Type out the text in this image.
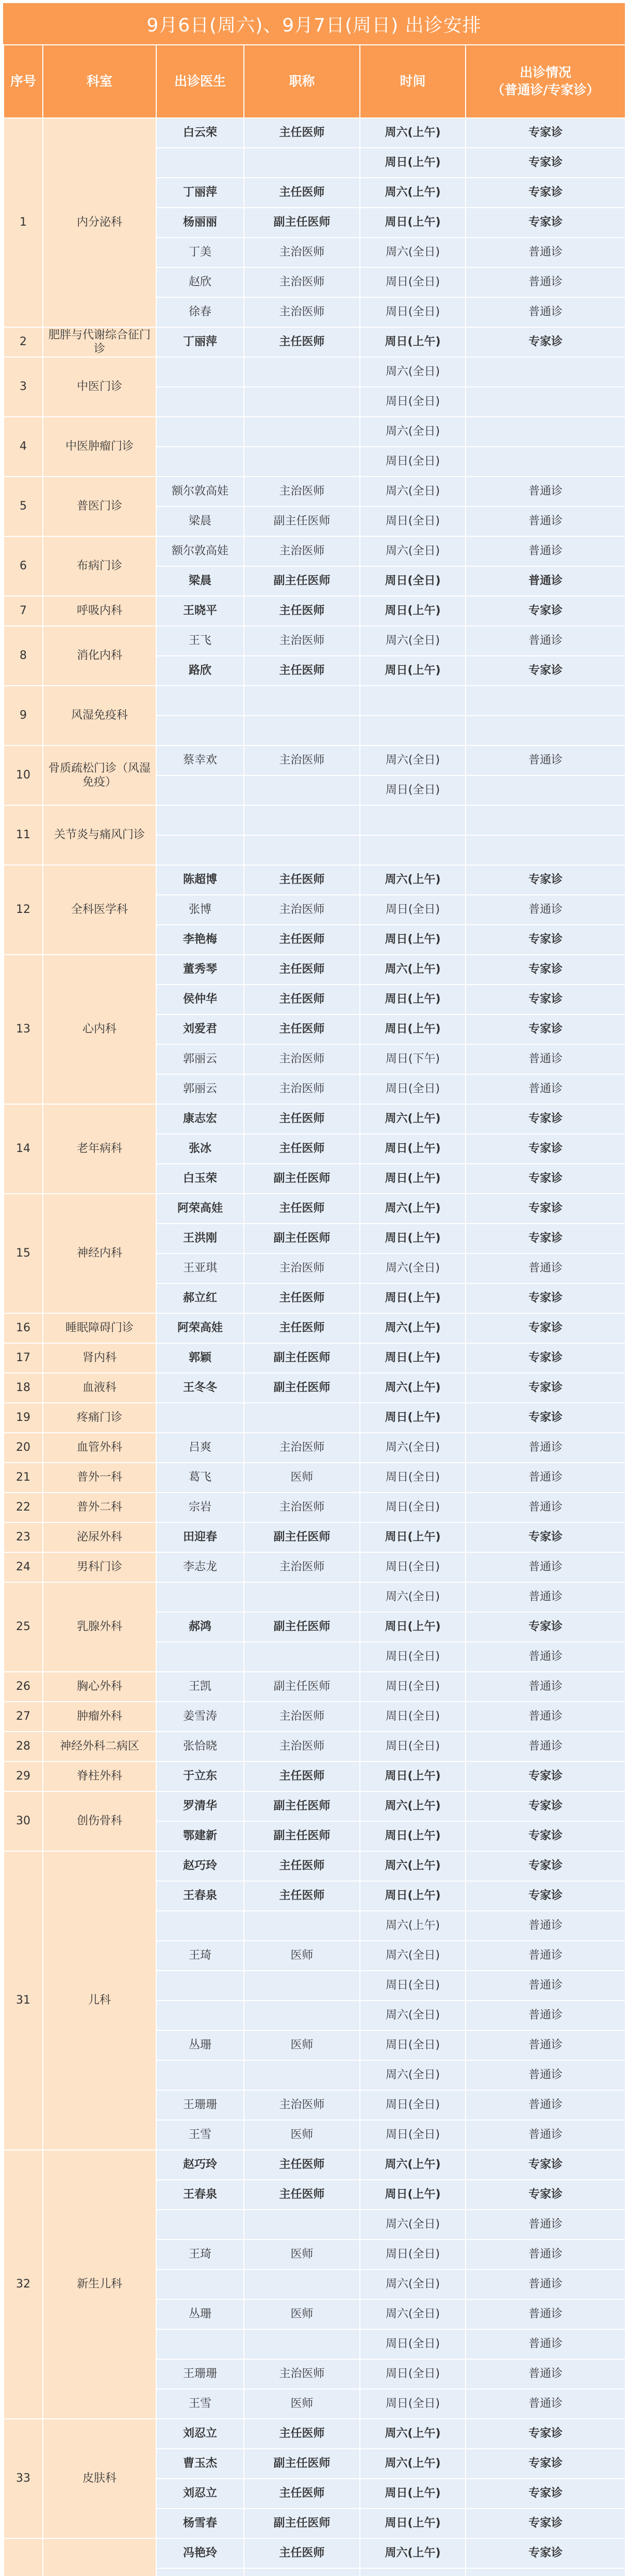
9月6日(周六)、9月7日(周日) 出诊安排
序号	科室	出诊医生	职称	时间	出诊情况
（普通诊/专家诊）
1	内分泌科	白云荣	主任医师	周六(上午)	专家诊
				周日(上午)	专家诊
		丁丽萍	主任医师	周六(上午)	专家诊
		杨丽丽	副主任医师	周日(上午)	专家诊
		丁美	主治医师	周六(全日)	普通诊
		赵欣	主治医师	周日(全日)	普通诊
		徐春	主治医师	周日(全日)	普通诊
2	肥胖与代谢综合征门诊	丁丽萍	主任医师	周日(上午)	专家诊
3	中医门诊			周六(全日)	
				周日(全日)	
4	中医肿瘤门诊			周六(全日)	
				周日(全日)	
5	普医门诊	额尔敦高娃	主治医师	周六(全日)	普通诊
		梁晨	副主任医师	周日(全日)	普通诊
6	布病门诊	额尔敦高娃	主治医师	周六(全日)	普通诊
		梁晨	副主任医师	周日(全日)	普通诊
7	呼吸内科	王晓平	主任医师	周日(上午)	专家诊
8	消化内科	王飞	主治医师	周六(全日)	普通诊
		路欣	主任医师	周日(上午)	专家诊
9	风湿免疫科				

10	骨质疏松门诊（风湿免疫）	蔡幸欢	主治医师	周六(全日)	普通诊
				周日(全日)	
11	关节炎与痛风门诊				

12	全科医学科	陈超博	主任医师	周六(上午)	专家诊
		张博	主治医师	周日(全日)	普通诊
		李艳梅	主任医师	周日(上午)	专家诊
13	心内科	董秀琴	主任医师	周六(上午)	专家诊
		侯仲华	主任医师	周日(上午)	专家诊
		刘爱君	主任医师	周日(上午)	专家诊
		郭丽云	主治医师	周日(下午)	普通诊
		郭丽云	主治医师	周日(全日)	普通诊
14	老年病科	康志宏	主任医师	周六(上午)	专家诊
		张冰	主任医师	周日(上午)	专家诊
		白玉荣	副主任医师	周日(上午)	专家诊
15	神经内科	阿荣高娃	主任医师	周六(上午)	专家诊
		王洪刚	副主任医师	周日(上午)	专家诊
		王亚琪	主治医师	周六(全日)	普通诊
		郝立红	主任医师	周日(上午)	专家诊
16	睡眠障碍门诊	阿荣高娃	主任医师	周六(上午)	专家诊
17	肾内科	郭颖	副主任医师	周日(上午)	专家诊
18	血液科	王冬冬	副主任医师	周六(上午)	专家诊
19	疼痛门诊			周日(上午)	专家诊
20	血管外科	吕爽	主治医师	周六(全日)	普通诊
21	普外一科	葛飞	医师	周日(全日)	普通诊
22	普外二科	宗岩	主治医师	周日(全日)	普通诊
23	泌尿外科	田迎春	副主任医师	周日(上午)	专家诊
24	男科门诊	李志龙	主治医师	周日(全日)	普通诊
25	乳腺外科			周六(全日)	普通诊
		郝鸿	副主任医师	周日(上午)	专家诊
				周日(全日)	普通诊
26	胸心外科	王凯	副主任医师	周日(全日)	普通诊
27	肿瘤外科	姜雪涛	主治医师	周日(全日)	普通诊
28	神经外科二病区	张恰晓	主治医师	周日(全日)	普通诊
29	脊柱外科	于立东	主任医师	周日(上午)	专家诊
30	创伤骨科	罗清华	副主任医师	周六(上午)	专家诊
		鄂建新	副主任医师	周日(上午)	专家诊
31	儿科	赵巧玲	主任医师	周六(上午)	专家诊
		王春泉	主任医师	周日(上午)	专家诊
				周六(上午)	普通诊
		王琦	医师	周六(全日)	普通诊
				周日(全日)	普通诊
				周六(全日)	普通诊
		丛珊	医师	周日(全日)	普通诊
				周六(全日)	普通诊
		王珊珊	主治医师	周日(全日)	普通诊
		王雪	医师	周日(全日)	普通诊
32	新生儿科	赵巧玲	主任医师	周六(上午)	专家诊
		王春泉	主任医师	周日(上午)	专家诊
				周六(全日)	普通诊
		王琦	医师	周日(全日)	普通诊
				周六(全日)	普通诊
		丛珊	医师	周六(全日)	普通诊
				周日(全日)	普通诊
		王珊珊	主治医师	周日(全日)	普通诊
		王雪	医师	周日(全日)	普通诊
33	皮肤科	刘忍立	主任医师	周六(上午)	专家诊
		曹玉杰	副主任医师	周六(上午)	专家诊
		刘忍立	主任医师	周日(上午)	专家诊
		杨雪春	副主任医师	周日(上午)	专家诊
		冯艳玲	主任医师	周六(上午)	专家诊
